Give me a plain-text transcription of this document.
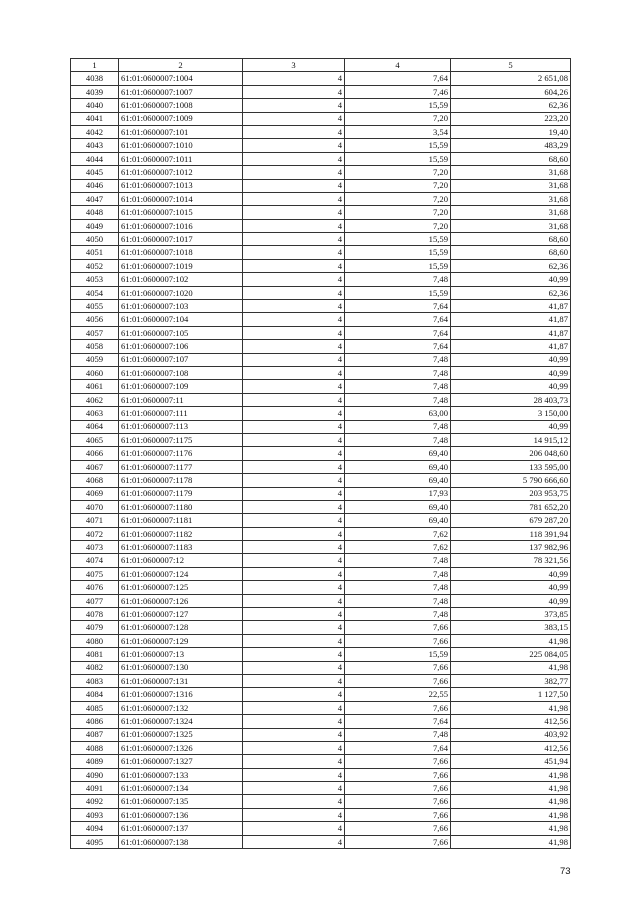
1	2	3	4	5
4038	61:01:0600007:1004	4	7,64	2 651,08
4039	61:01:0600007:1007	4	7,46	604,26
4040	61:01:0600007:1008	4	15,59	62,36
4041	61:01:0600007:1009	4	7,20	223,20
4042	61:01:0600007:101	4	3,54	19,40
4043	61:01:0600007:1010	4	15,59	483,29
4044	61:01:0600007:1011	4	15,59	68,60
4045	61:01:0600007:1012	4	7,20	31,68
4046	61:01:0600007:1013	4	7,20	31,68
4047	61:01:0600007:1014	4	7,20	31,68
4048	61:01:0600007:1015	4	7,20	31,68
4049	61:01:0600007:1016	4	7,20	31,68
4050	61:01:0600007:1017	4	15,59	68,60
4051	61:01:0600007:1018	4	15,59	68,60
4052	61:01:0600007:1019	4	15,59	62,36
4053	61:01:0600007:102	4	7,48	40,99
4054	61:01:0600007:1020	4	15,59	62,36
4055	61:01:0600007:103	4	7,64	41,87
4056	61:01:0600007:104	4	7,64	41,87
4057	61:01:0600007:105	4	7,64	41,87
4058	61:01:0600007:106	4	7,64	41,87
4059	61:01:0600007:107	4	7,48	40,99
4060	61:01:0600007:108	4	7,48	40,99
4061	61:01:0600007:109	4	7,48	40,99
4062	61:01:0600007:11	4	7,48	28 403,73
4063	61:01:0600007:111	4	63,00	3 150,00
4064	61:01:0600007:113	4	7,48	40,99
4065	61:01:0600007:1175	4	7,48	14 915,12
4066	61:01:0600007:1176	4	69,40	206 048,60
4067	61:01:0600007:1177	4	69,40	133 595,00
4068	61:01:0600007:1178	4	69,40	5 790 666,60
4069	61:01:0600007:1179	4	17,93	203 953,75
4070	61:01:0600007:1180	4	69,40	781 652,20
4071	61:01:0600007:1181	4	69,40	679 287,20
4072	61:01:0600007:1182	4	7,62	118 391,94
4073	61:01:0600007:1183	4	7,62	137 982,96
4074	61:01:0600007:12	4	7,48	78 321,56
4075	61:01:0600007:124	4	7,48	40,99
4076	61:01:0600007:125	4	7,48	40,99
4077	61:01:0600007:126	4	7,48	40,99
4078	61:01:0600007:127	4	7,48	373,85
4079	61:01:0600007:128	4	7,66	383,15
4080	61:01:0600007:129	4	7,66	41,98
4081	61:01:0600007:13	4	15,59	225 084,05
4082	61:01:0600007:130	4	7,66	41,98
4083	61:01:0600007:131	4	7,66	382,77
4084	61:01:0600007:1316	4	22,55	1 127,50
4085	61:01:0600007:132	4	7,66	41,98
4086	61:01:0600007:1324	4	7,64	412,56
4087	61:01:0600007:1325	4	7,48	403,92
4088	61:01:0600007:1326	4	7,64	412,56
4089	61:01:0600007:1327	4	7,66	451,94
4090	61:01:0600007:133	4	7,66	41,98
4091	61:01:0600007:134	4	7,66	41,98
4092	61:01:0600007:135	4	7,66	41,98
4093	61:01:0600007:136	4	7,66	41,98
4094	61:01:0600007:137	4	7,66	41,98
4095	61:01:0600007:138	4	7,66	41,98
73
